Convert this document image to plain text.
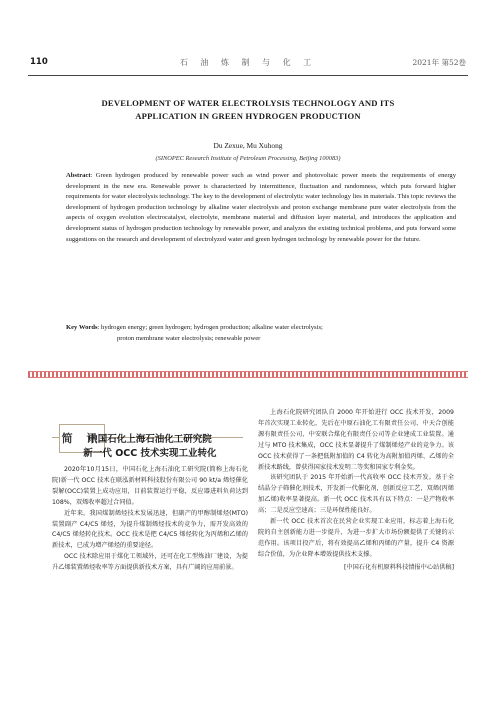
110	石 油 炼 制 与 化 工	2021年 第52卷
DEVELOPMENT OF WATER ELECTROLYSIS TECHNOLOGY AND ITS
APPLICATION IN GREEN HYDROGEN PRODUCTION
Du Zexue, Mu Xuhong
(SINOPEC Research Institute of Petroleum Processing, Beijing 100083)
Abstract: Green hydrogen produced by renewable power such as wind power and photovoltaic power meets the requirements of energy development in the new era. Renewable power is characterized by intermittence, fluctuation and randomness, which puts forward higher requirements for water electrolysis technology. The key to the development of electrolytic water technology lies in materials. This topic reviews the development of hydrogen production technology by alkaline water electrolysis and proton exchange membrane pure water electrolysis from the aspects of oxygen evolution electrocatalyst, electrolyte, membrane material and diffusion layer material, and introduces the application and development status of hydrogen production technology by renewable power, and analyzes the existing technical problems, and puts forward some suggestions on the research and development of electrolyzed water and green hydrogen technology by renewable power for the future.
Key Words: hydrogen energy; green hydrogen; hydrogen production; alkaline water electrolysis;
proton membrane water electrolysis; renewable power
简 讯
中国石化上海石油化工研究院
新一代 OCC 技术实现工业转化

2020年10月15日，中国石化上海石油化工研究院(简称上海石化院)新一代 OCC 技术在联泓新材料科技股份有限公司 90 kt/a 烯烃催化裂解(OCC)装置上成功应用，目前装置运行平稳，反应器进料负荷达到108%，双烯收率超过合同值。

近年来，我国煤制烯烃技术发展迅速，但副产的甲醇制烯烃(MTO)装置副产 C4/C5 烯烃，为提升煤制烯烃技术的竞争力，需开发高效的 C4/C5 烯烃转化技术。OCC 技术是把 C4/C5 烯烃转化为丙烯和乙烯的新技术，已成为增产烯烃的重要途径。

OCC 技术除应用于煤化工领域外，还可在化工型炼油厂建设，为提升乙烯装置烯烃收率等方面提供新技术方案，具有广阔的应用前景。

上海石化院研究团队自 2000 年开始进行 OCC 技术开发，2009 年首次实现工业转化，先后在中原石油化工有限责任公司、中天合创能源有限责任公司、中安联合煤化有限责任公司等企业建成工业装置。通过与 MTO 技术集成，OCC 技术显著提升了煤制烯烃产业的竞争力。该 OCC 技术获得了一条把低附加值的 C4 转化为高附加值丙烯、乙烯的全新技术路线，曾获得国家技术发明二等奖和国家专利金奖。

该研究团队于 2015 年开始新一代高收率 OCC 技术开发。基于全结晶分子筛催化剂技术，开发新一代催化剂，创新反应工艺，双烯(丙烯加乙烯)收率显著提高。新一代 OCC 技术具有以下特点：一是产物收率高；二是反应空速高；三是环保性能良好。

新一代 OCC 技术首次在民营企业实现工业应用，标志着上海石化院的自主创新能力进一步提升，为进一步扩大市场份额提供了关键的示范作用。该项目投产后，将有效提高乙烯和丙烯的产量，提升 C4 资源综合价值，为企业降本增效提供技术支撑。

[中国石化有机原料科技情报中心站供稿]
